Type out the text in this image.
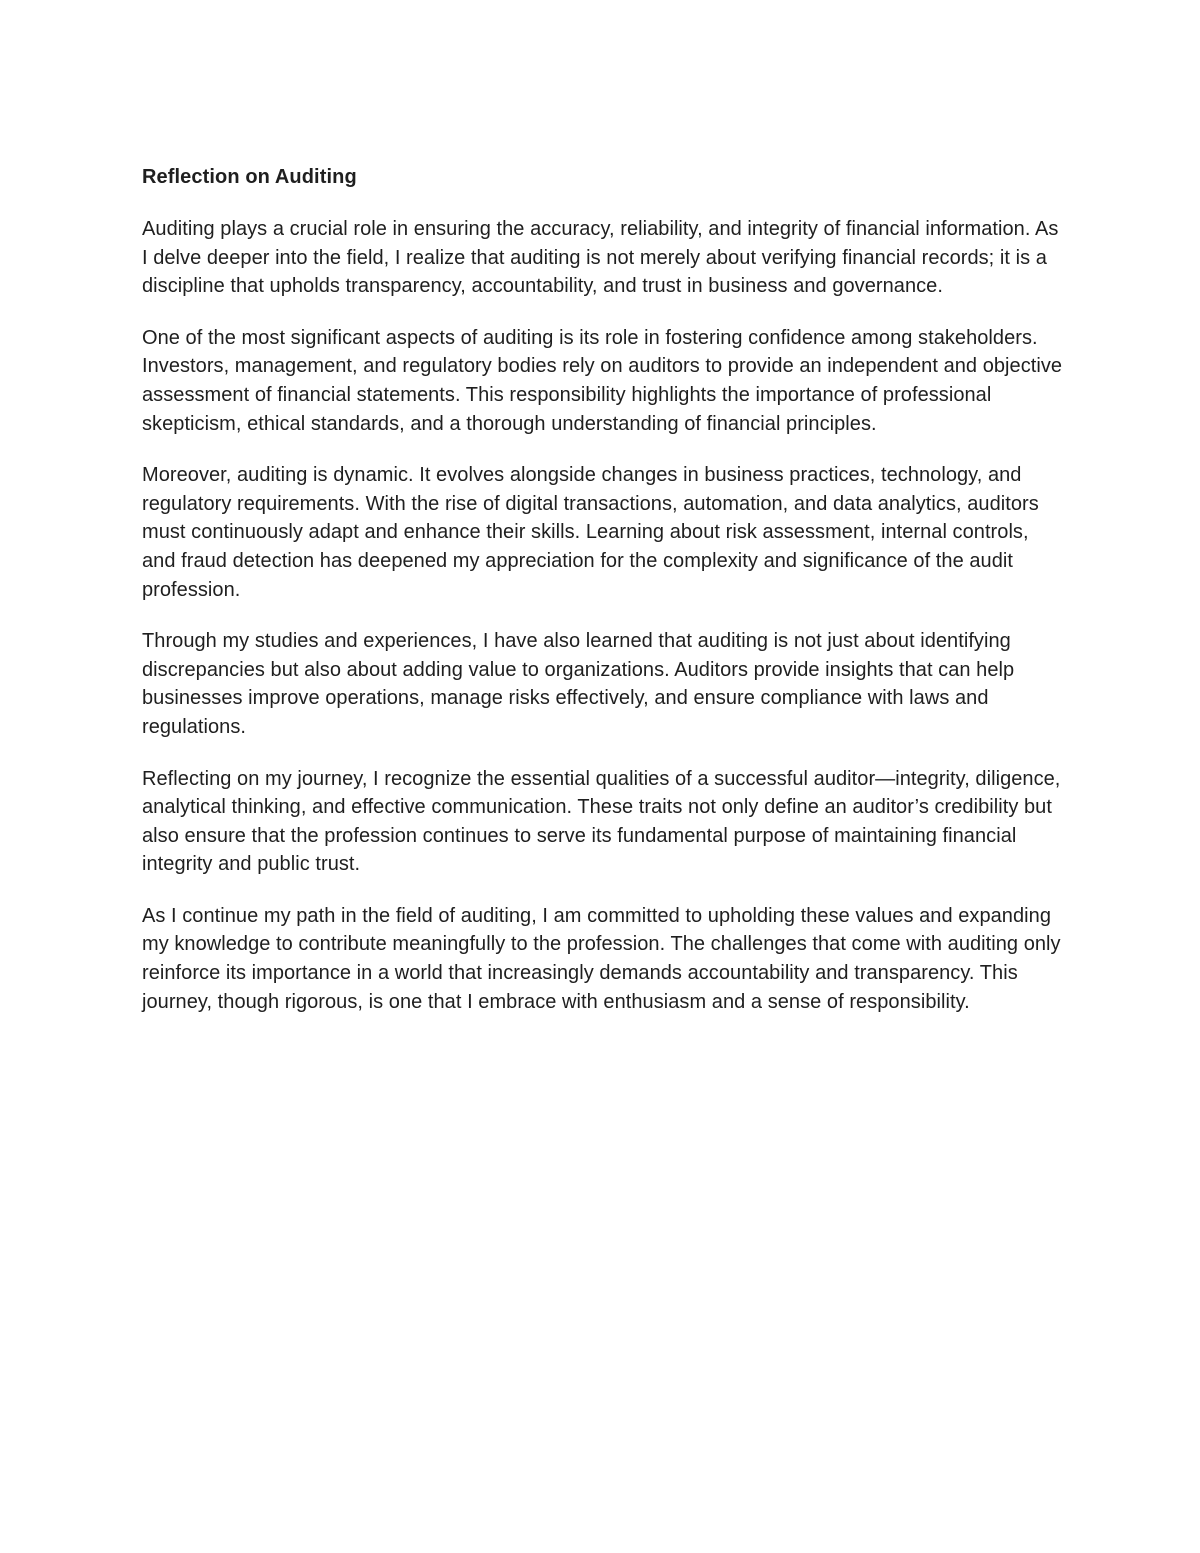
Reflection on Auditing

Auditing plays a crucial role in ensuring the accuracy, reliability, and integrity of financial information. As I delve deeper into the field, I realize that auditing is not merely about verifying financial records; it is a discipline that upholds transparency, accountability, and trust in business and governance.

One of the most significant aspects of auditing is its role in fostering confidence among stakeholders. Investors, management, and regulatory bodies rely on auditors to provide an independent and objective assessment of financial statements. This responsibility highlights the importance of professional skepticism, ethical standards, and a thorough understanding of financial principles.

Moreover, auditing is dynamic. It evolves alongside changes in business practices, technology, and regulatory requirements. With the rise of digital transactions, automation, and data analytics, auditors must continuously adapt and enhance their skills. Learning about risk assessment, internal controls, and fraud detection has deepened my appreciation for the complexity and significance of the audit profession.

Through my studies and experiences, I have also learned that auditing is not just about identifying discrepancies but also about adding value to organizations. Auditors provide insights that can help businesses improve operations, manage risks effectively, and ensure compliance with laws and regulations.

Reflecting on my journey, I recognize the essential qualities of a successful auditor—integrity, diligence, analytical thinking, and effective communication. These traits not only define an auditor’s credibility but also ensure that the profession continues to serve its fundamental purpose of maintaining financial integrity and public trust.

As I continue my path in the field of auditing, I am committed to upholding these values and expanding my knowledge to contribute meaningfully to the profession. The challenges that come with auditing only reinforce its importance in a world that increasingly demands accountability and transparency. This journey, though rigorous, is one that I embrace with enthusiasm and a sense of responsibility.
